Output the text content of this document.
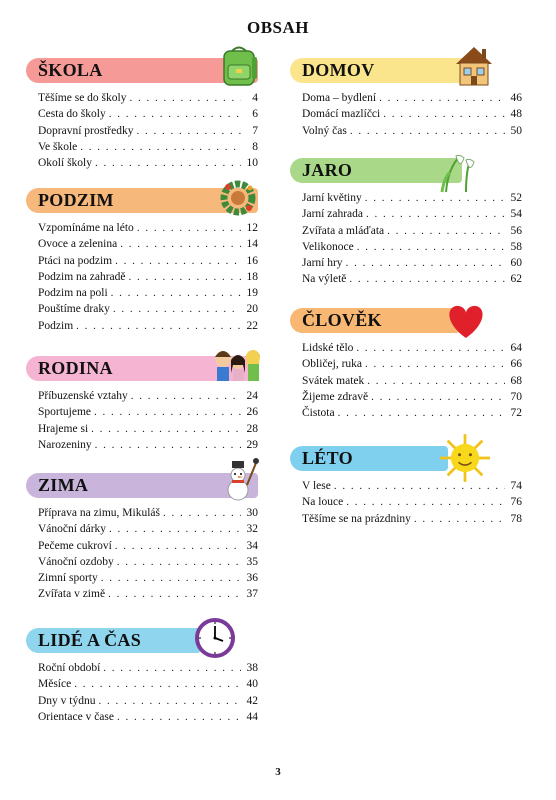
OBSAH
ŠKOLA
Těšíme se do školy . . .	4
Cesta do školy . . .	6
Dopravní prostředky . . .	7
Ve škole . . .	8
Okolí školy . . .	10
PODZIM
Vzpomínáme na léto . . .	12
Ovoce a zelenina . . .	14
Ptáci na podzim . . .	16
Podzim na zahradě . . .	18
Podzim na poli . . .	19
Pouštíme draky . . .	20
Podzim . . .	22
RODINA
Příbuzenské vztahy . . .	24
Sportujeme . . .	26
Hrajeme si . . .	28
Narozeniny . . .	29
ZIMA
Příprava na zimu, Mikuláš . . .	30
Vánoční dárky . . .	32
Pečeme cukroví . . .	34
Vánoční ozdoby . . .	35
Zimní sporty . . .	36
Zvířata v zimě . . .	37
LIDÉ A ČAS
Roční období . . .	38
Měsíce . . .	40
Dny v týdnu . . .	42
Orientace v čase . . .	44
DOMOV
Doma – bydlení . . .	46
Domácí mazlíčci . . .	48
Volný čas . . .	50
JARO
Jarní květiny . . .	52
Jarní zahrada . . .	54
Zvířata a mláďata . . .	56
Velikonoce . . .	58
Jarní hry . . .	60
Na výletě . . .	62
ČLOVĚK
Lidské tělo . . .	64
Obličej, ruka . . .	66
Svátek matek . . .	68
Žijeme zdravě . . .	70
Čistota . . .	72
LÉTO
V lese . . .	74
Na louce . . .	76
Těšíme se na prázdniny . . .	78
3
